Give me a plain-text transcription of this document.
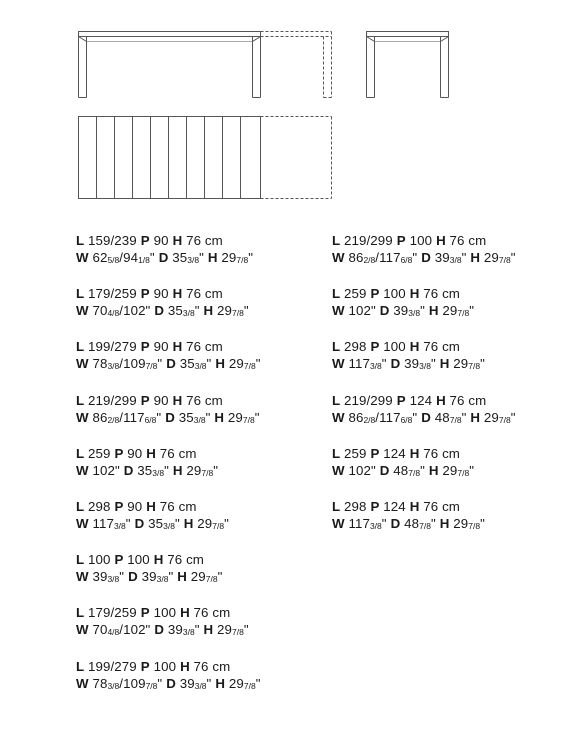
L 159/239 P 90 H 76 cm
W 625/8/941/8" D 353/8" H 297/8"
L 179/259 P 90 H 76 cm
W 704/8/102" D 353/8" H 297/8"
L 199/279 P 90 H 76 cm
W 783/8/1097/8" D 353/8" H 297/8"
L 219/299 P 90 H 76 cm
W 862/8/1176/8" D 353/8" H 297/8"
L 259 P 90 H 76 cm
W 102" D 353/8" H 297/8"
L 298 P 90 H 76 cm
W 1173/8" D 353/8" H 297/8"
L 100 P 100 H 76 cm
W 393/8" D 393/8" H 297/8"
L 179/259 P 100 H 76 cm
W 704/8/102" D 393/8" H 297/8"
L 199/279 P 100 H 76 cm
W 783/8/1097/8" D 393/8" H 297/8"
L 219/299 P 100 H 76 cm
W 862/8/1176/8" D 393/8" H 297/8"
L 259 P 100 H 76 cm
W 102" D 393/8" H 297/8"
L 298 P 100 H 76 cm
W 1173/8" D 393/8" H 297/8"
L 219/299 P 124 H 76 cm
W 862/8/1176/8" D 487/8" H 297/8"
L 259 P 124 H 76 cm
W 102" D 487/8" H 297/8"
L 298 P 124 H 76 cm
W 1173/8" D 487/8" H 297/8"
